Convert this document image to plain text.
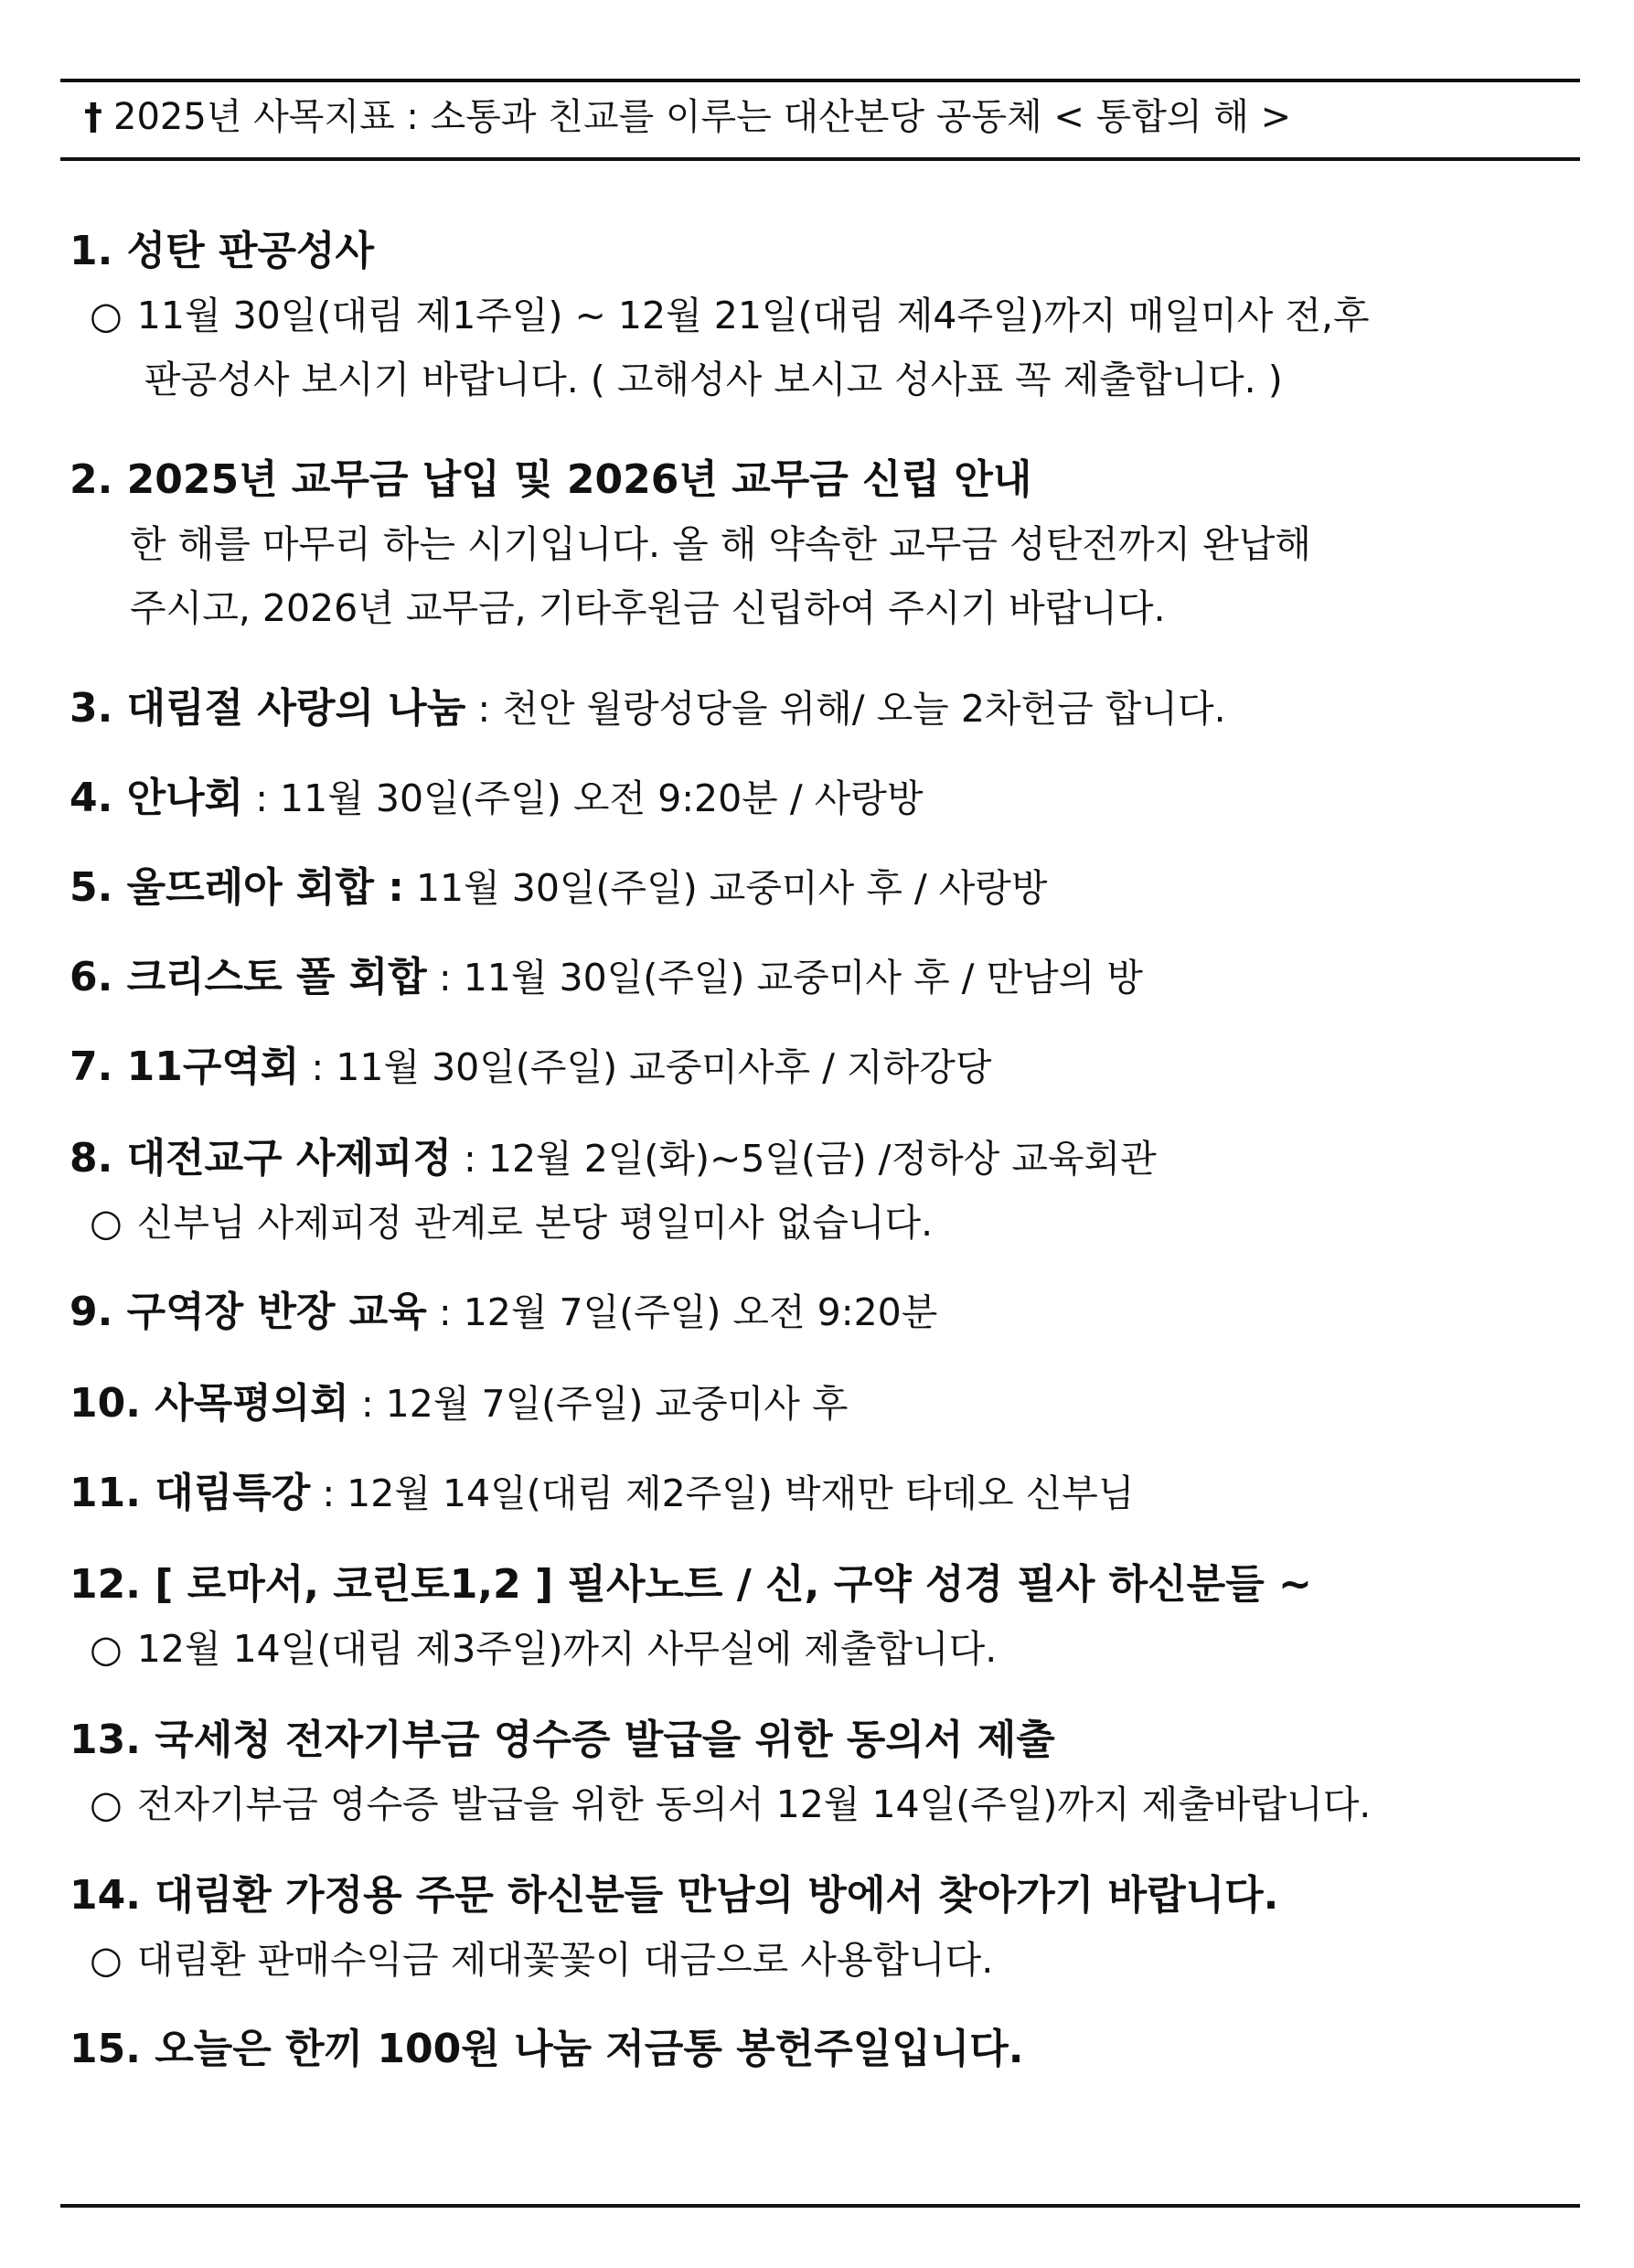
† 2025년 사목지표 : 소통과 친교를 이루는 대산본당 공동체 < 통합의 해 >
1. 성탄 판공성사
○ 11월 30일(대림 제1주일) ~ 12월 21일(대림 제4주일)까지 매일미사 전,후
판공성사 보시기 바랍니다. ( 고해성사 보시고 성사표 꼭 제출합니다. )
2. 2025년 교무금 납입 및 2026년 교무금 신립 안내
한 해를 마무리 하는 시기입니다. 올 해 약속한 교무금 성탄전까지 완납해
주시고, 2026년 교무금, 기타후원금 신립하여 주시기 바랍니다.
3. 대림절 사랑의 나눔 : 천안 월랑성당을 위해/ 오늘 2차헌금 합니다.
4. 안나회 : 11월 30일(주일) 오전 9:20분 / 사랑방
5. 울뜨레아 회합 : 11월 30일(주일) 교중미사 후 / 사랑방
6. 크리스토 폴 회합 : 11월 30일(주일) 교중미사 후 / 만남의 방
7. 11구역회 : 11월 30일(주일) 교중미사후 / 지하강당
8. 대전교구 사제피정 : 12월 2일(화)~5일(금) /정하상 교육회관
○ 신부님 사제피정 관계로 본당 평일미사 없습니다.
9. 구역장 반장 교육 : 12월 7일(주일) 오전 9:20분
10. 사목평의회 : 12월 7일(주일) 교중미사 후
11. 대림특강 : 12월 14일(대림 제2주일) 박재만 타데오 신부님
12. [ 로마서, 코린토1,2 ] 필사노트 / 신, 구약 성경 필사 하신분들 ~
○ 12월 14일(대림 제3주일)까지 사무실에 제출합니다.
13. 국세청 전자기부금 영수증 발급을 위한 동의서 제출
○ 전자기부금 영수증 발급을 위한 동의서 12월 14일(주일)까지 제출바랍니다.
14. 대림환 가정용 주문 하신분들 만남의 방에서 찾아가기 바랍니다.
○ 대림환 판매수익금 제대꽃꽃이 대금으로 사용합니다.
15. 오늘은 한끼 100원 나눔 저금통 봉헌주일입니다.
